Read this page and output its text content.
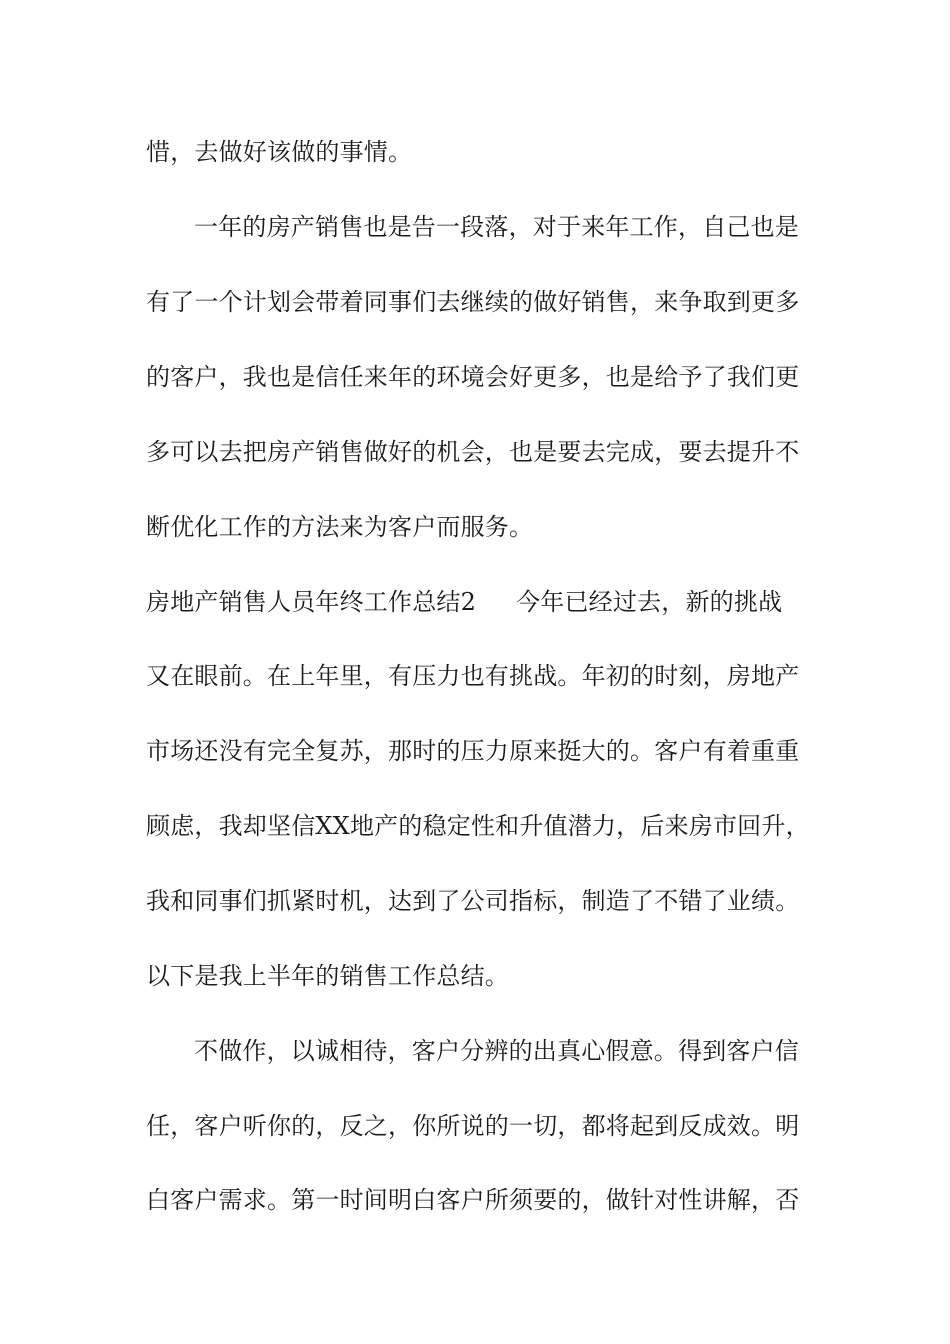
惜，去做好该做的事情。
一年的房产销售也是告一段落，对于来年工作，自己也是
有了一个计划会带着同事们去继续的做好销售，来争取到更多
的客户，我也是信任来年的环境会好更多，也是给予了我们更
多可以去把房产销售做好的机会，也是要去完成，要去提升不
断优化工作的方法来为客户而服务。
房地产销售人员年终工作总结2 今年已经过去，新的挑战
又在眼前。在上年里，有压力也有挑战。年初的时刻，房地产
市场还没有完全复苏，那时的压力原来挺大的。客户有着重重
顾虑，我却坚信XX地产的稳定性和升值潜力，后来房市回升，
我和同事们抓紧时机，达到了公司指标，制造了不错了业绩。
以下是我上半年的销售工作总结。
不做作，以诚相待，客户分辨的出真心假意。得到客户信
任，客户听你的，反之，你所说的一切，都将起到反成效。明
白客户需求。第一时间明白客户所须要的，做针对性讲解，否
